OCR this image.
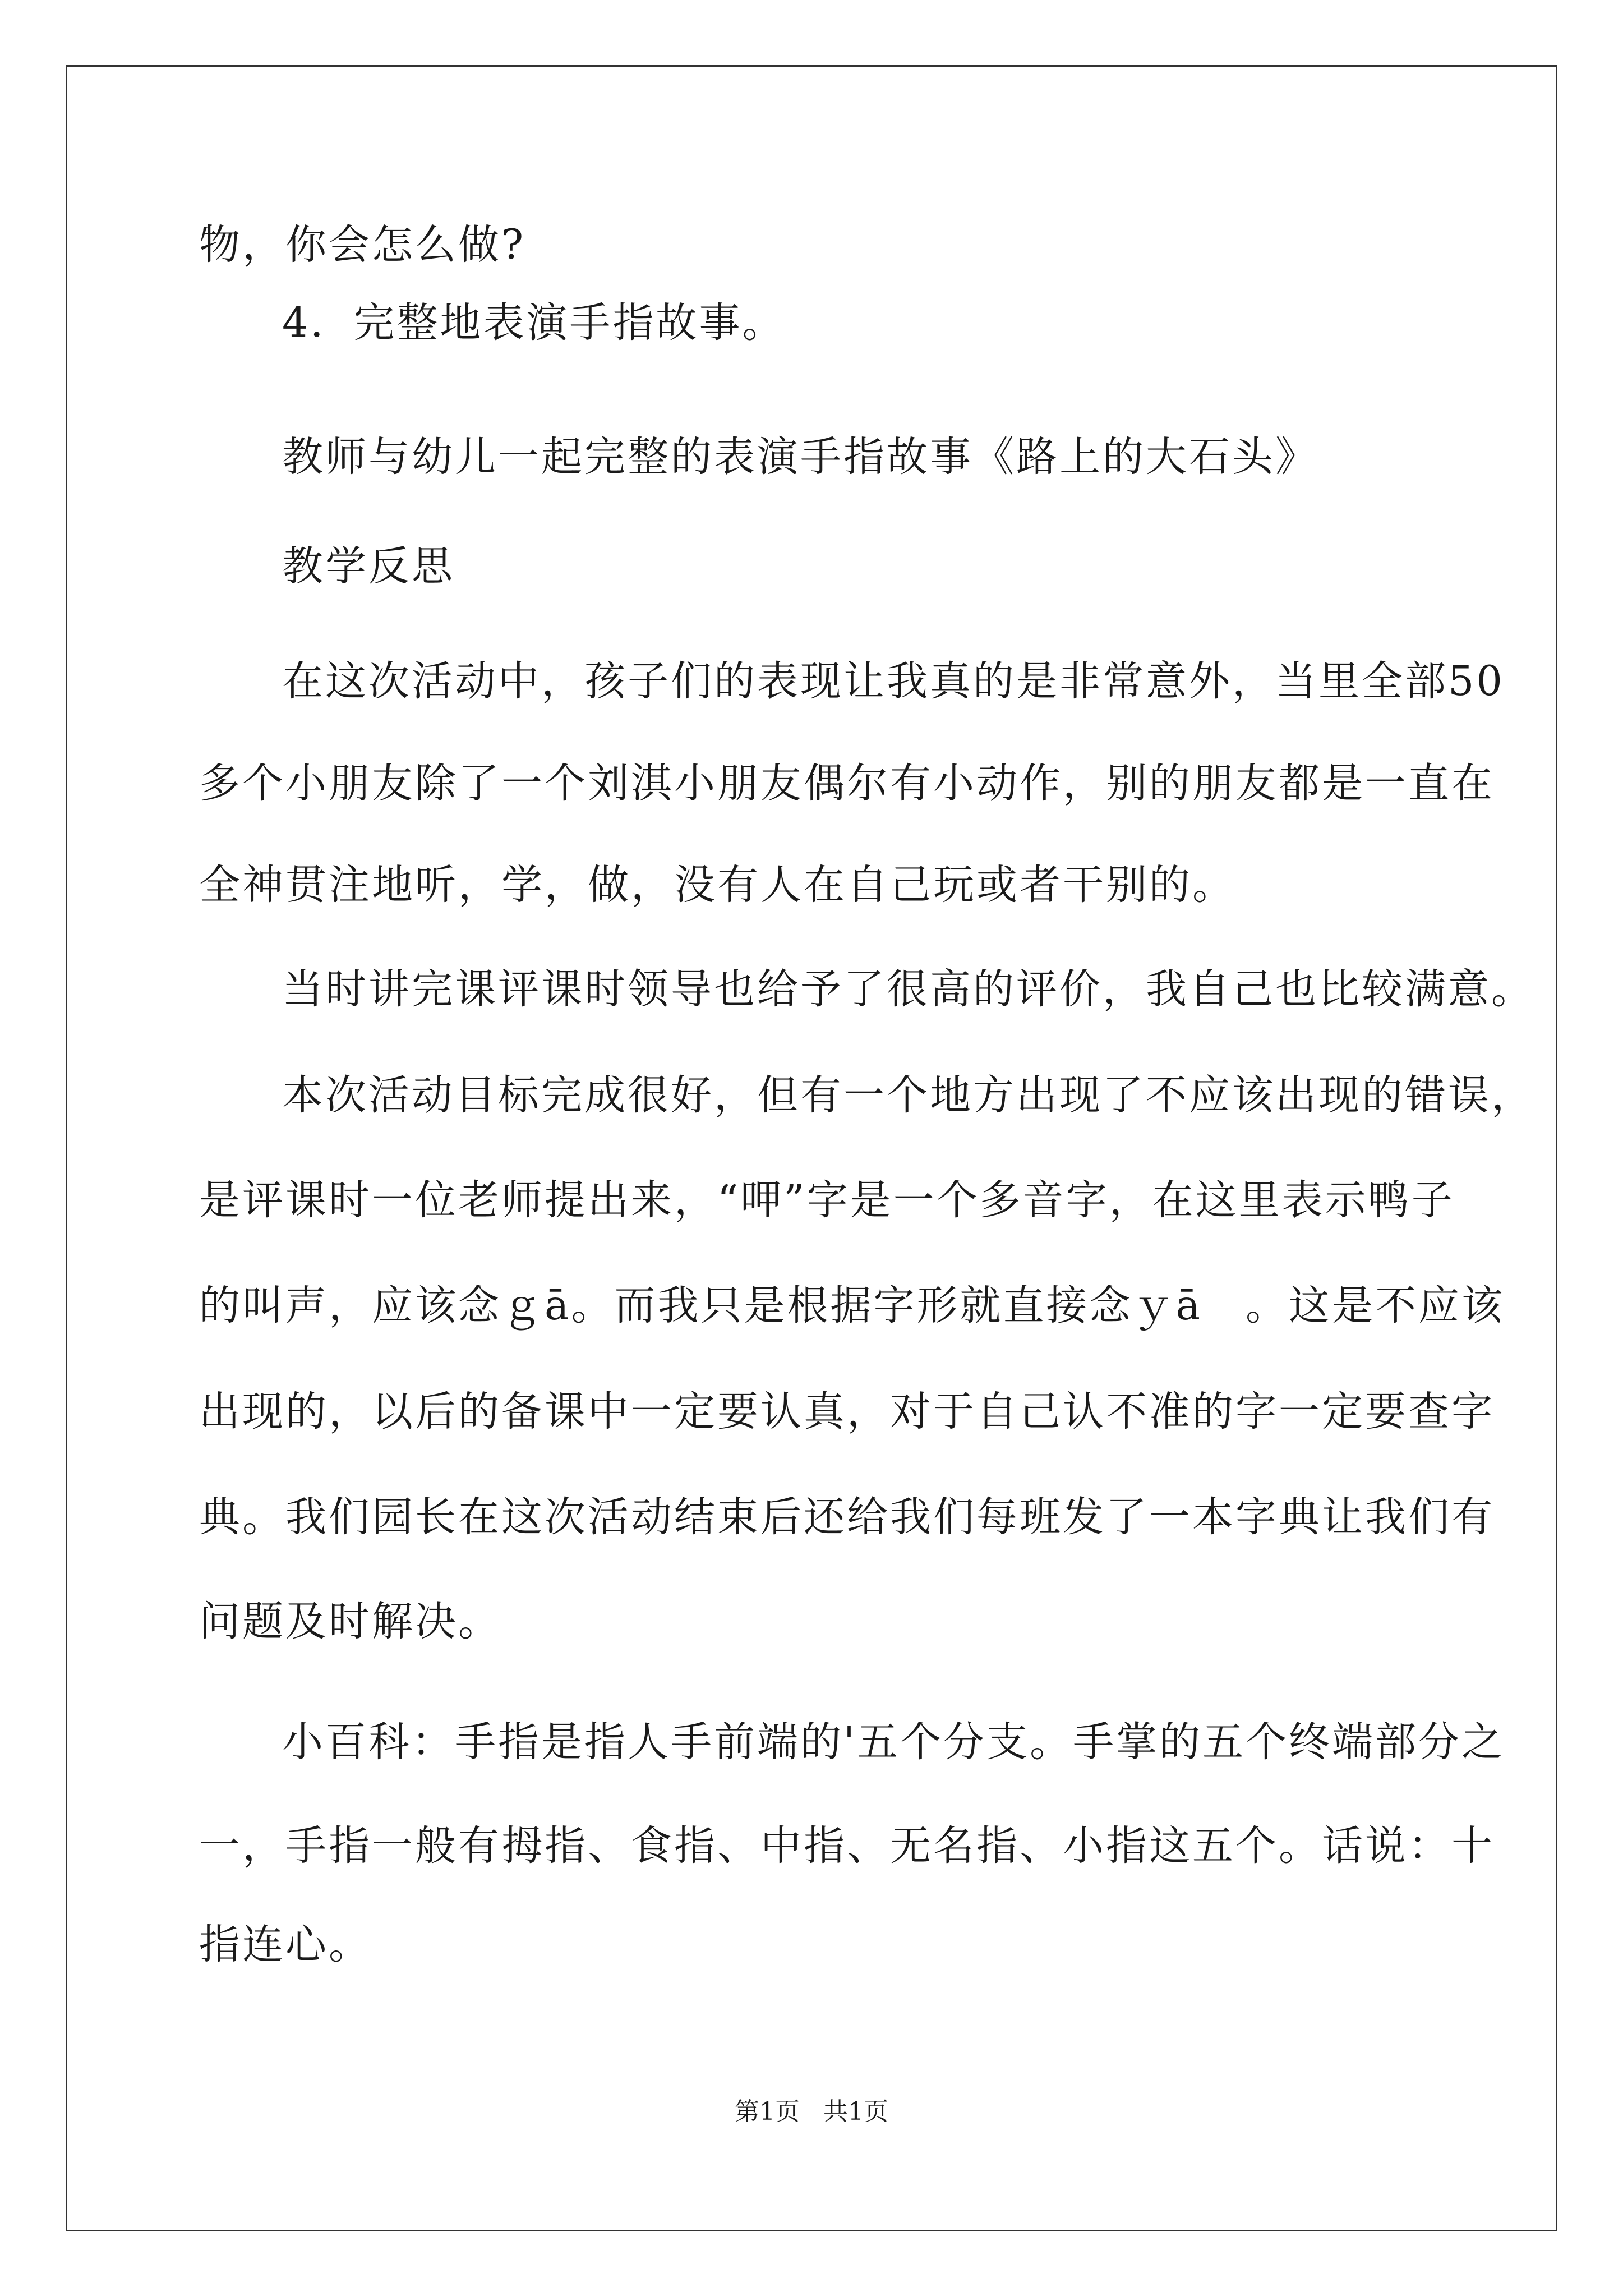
物，你会怎么做?
4．完整地表演手指故事。
教师与幼儿一起完整的表演手指故事《路上的大石头》
教学反思
在这次活动中，孩子们的表现让我真的是非常意外，当里全部50
多个小朋友除了一个刘淇小朋友偶尔有小动作，别的朋友都是一直在
全神贯注地听，学，做，没有人在自己玩或者干别的。
当时讲完课评课时领导也给予了很高的评价，我自己也比较满意。
本次活动目标完成很好，但有一个地方出现了不应该出现的错误，
是评课时一位老师提出来，“呷”字是一个多音字，在这里表示鸭子
的叫声，应该念ｇā。而我只是根据字形就直接念ｙā　。这是不应该
出现的，以后的备课中一定要认真，对于自己认不准的字一定要查字
典。我们园长在这次活动结束后还给我们每班发了一本字典让我们有
问题及时解决。
小百科：手指是指人手前端的'五个分支。手掌的五个终端部分之
一，手指一般有拇指、食指、中指、无名指、小指这五个。话说：十
指连心。
第1页   共1页
